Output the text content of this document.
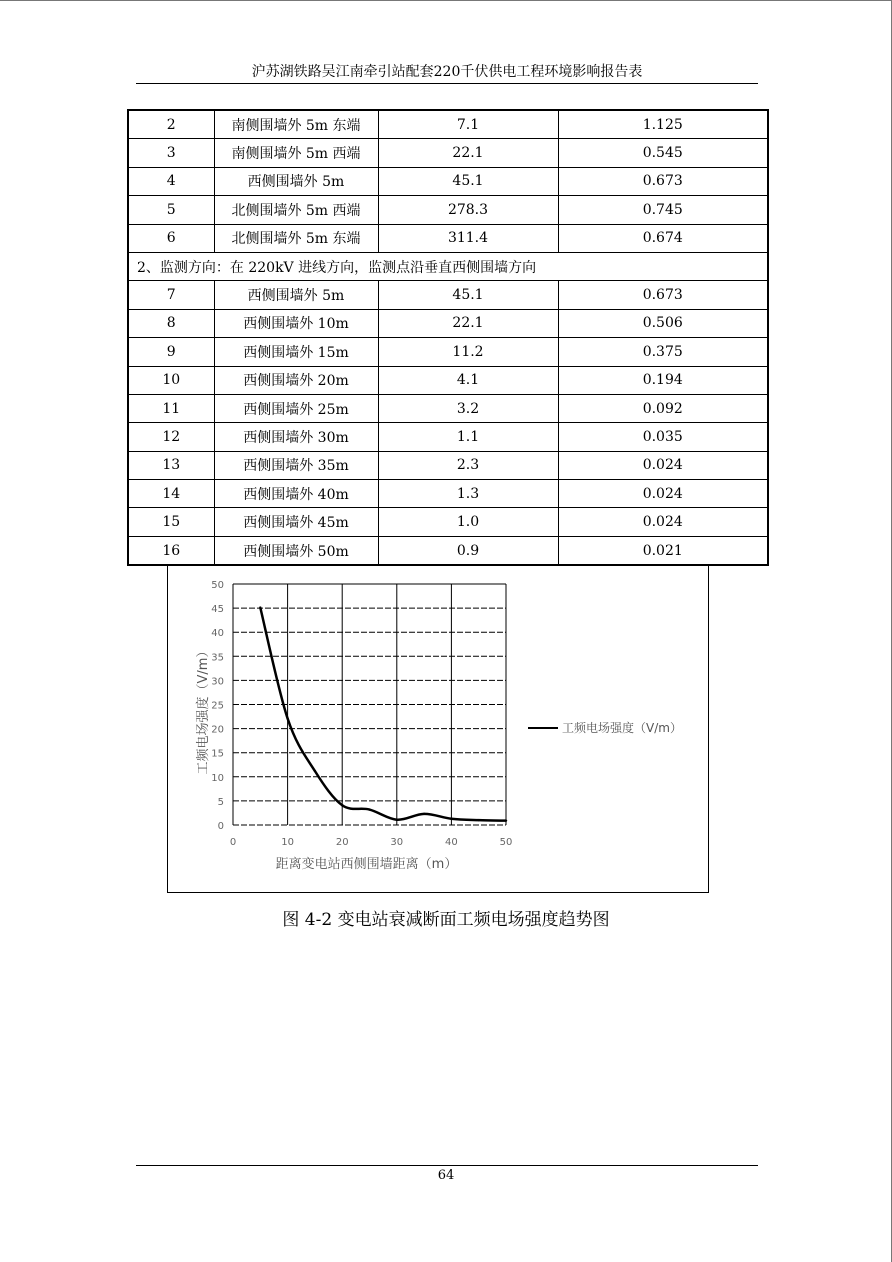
沪苏湖铁路吴江南牵引站配套220千伏供电工程环境影响报告表
2	南侧围墙外 5m 东端	7.1	1.125
3	南侧围墙外 5m 西端	22.1	0.545
4	西侧围墙外 5m	45.1	0.673
5	北侧围墙外 5m 西端	278.3	0.745
6	北侧围墙外 5m 东端	311.4	0.674
2、监测方向：在 220kV 进线方向，监测点沿垂直西侧围墙方向			
7	西侧围墙外 5m	45.1	0.673
8	西侧围墙外 10m	22.1	0.506
9	西侧围墙外 15m	11.2	0.375
10	西侧围墙外 20m	4.1	0.194
11	西侧围墙外 25m	3.2	0.092
12	西侧围墙外 30m	1.1	0.035
13	西侧围墙外 35m	2.3	0.024
14	西侧围墙外 40m	1.3	0.024
15	西侧围墙外 45m	1.0	0.024
16	西侧围墙外 50m	0.9	0.021
0
5
10
15
20
25
30
35
40
45
50
0	10	20	30	40	50
距离变电站西侧围墙距离（m）
工频电场强度（V/m）	工频电场强度（V/m）
图 4-2 变电站衰减断面工频电场强度趋势图
64
